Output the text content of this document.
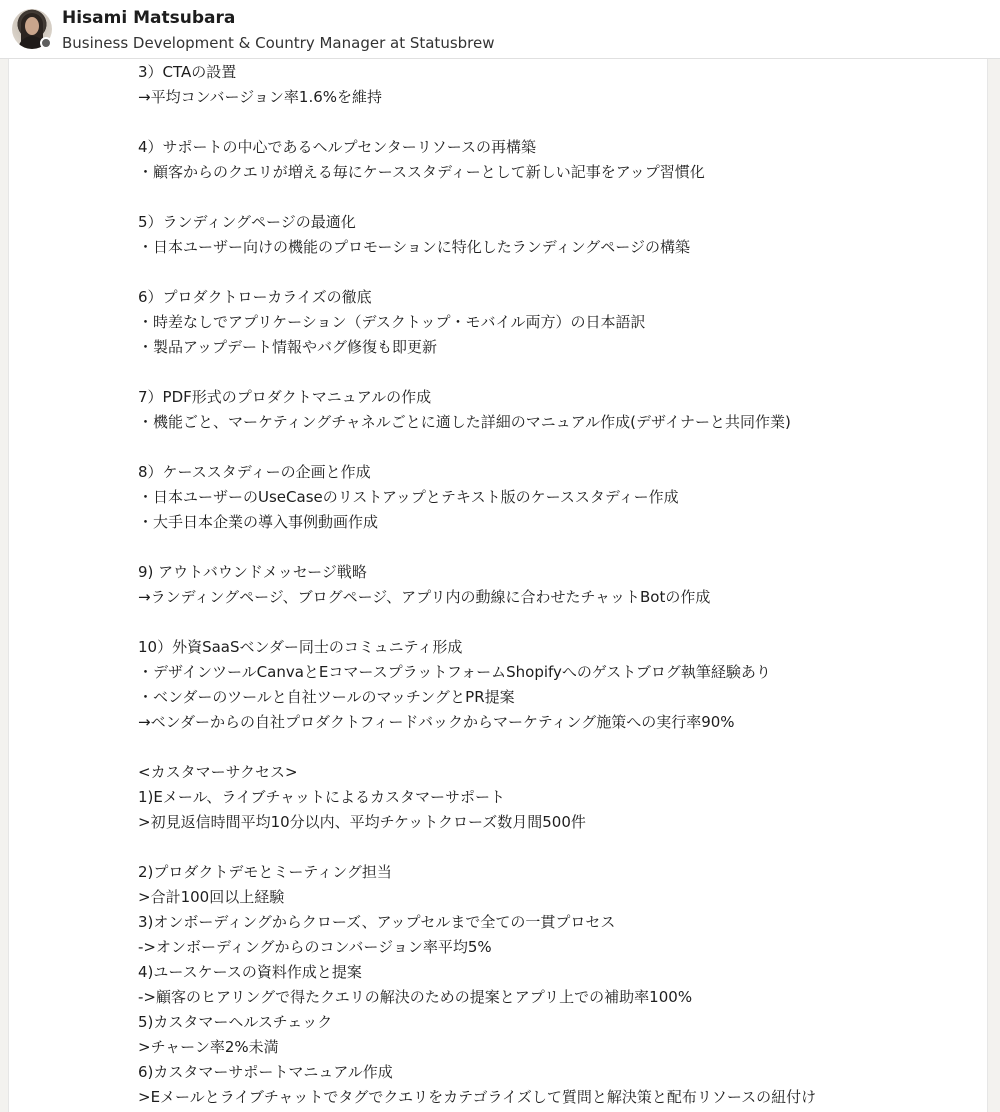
Hisami Matsubara
Business Development & Country Manager at Statusbrew
3）CTAの設置
→平均コンバージョン率1.6%を維持
4）サポートの中心であるヘルプセンターリソースの再構築
・顧客からのクエリが増える毎にケーススタディーとして新しい記事をアップ習慣化
5）ランディングページの最適化
・日本ユーザー向けの機能のプロモーションに特化したランディングページの構築
6）プロダクトローカライズの徹底
・時差なしでアプリケーション（デスクトップ・モバイル両方）の日本語訳
・製品アップデート情報やバグ修復も即更新
7）PDF形式のプロダクトマニュアルの作成
・機能ごと、マーケティングチャネルごとに適した詳細のマニュアル作成(デザイナーと共同作業)
8）ケーススタディーの企画と作成
・日本ユーザーのUseCaseのリストアップとテキスト版のケーススタディー作成
・大手日本企業の導入事例動画作成
9) アウトバウンドメッセージ戦略
→ランディングページ、ブログページ、アプリ内の動線に合わせたチャットBotの作成
10）外資SaaSベンダー同士のコミュニティ形成
・デザインツールCanvaとEコマースプラットフォームShopifyへのゲストブログ執筆経験あり
・ベンダーのツールと自社ツールのマッチングとPR提案
→ベンダーからの自社プロダクトフィードバックからマーケティング施策への実行率90%
<カスタマーサクセス>
1)Eメール、ライブチャットによるカスタマーサポート
>初見返信時間平均10分以内、平均チケットクローズ数月間500件
2)プロダクトデモとミーティング担当
>合計100回以上経験
3)オンボーディングからクローズ、アップセルまで全ての一貫プロセス
->オンボーディングからのコンバージョン率平均5%
4)ユースケースの資料作成と提案
->顧客のヒアリングで得たクエリの解決のための提案とアプリ上での補助率100%
5)カスタマーヘルスチェック
>チャーン率2%未満
6)カスタマーサポートマニュアル作成
>Eメールとライブチャットでタグでクエリをカテゴライズして質問と解決策と配布リソースの紐付け
